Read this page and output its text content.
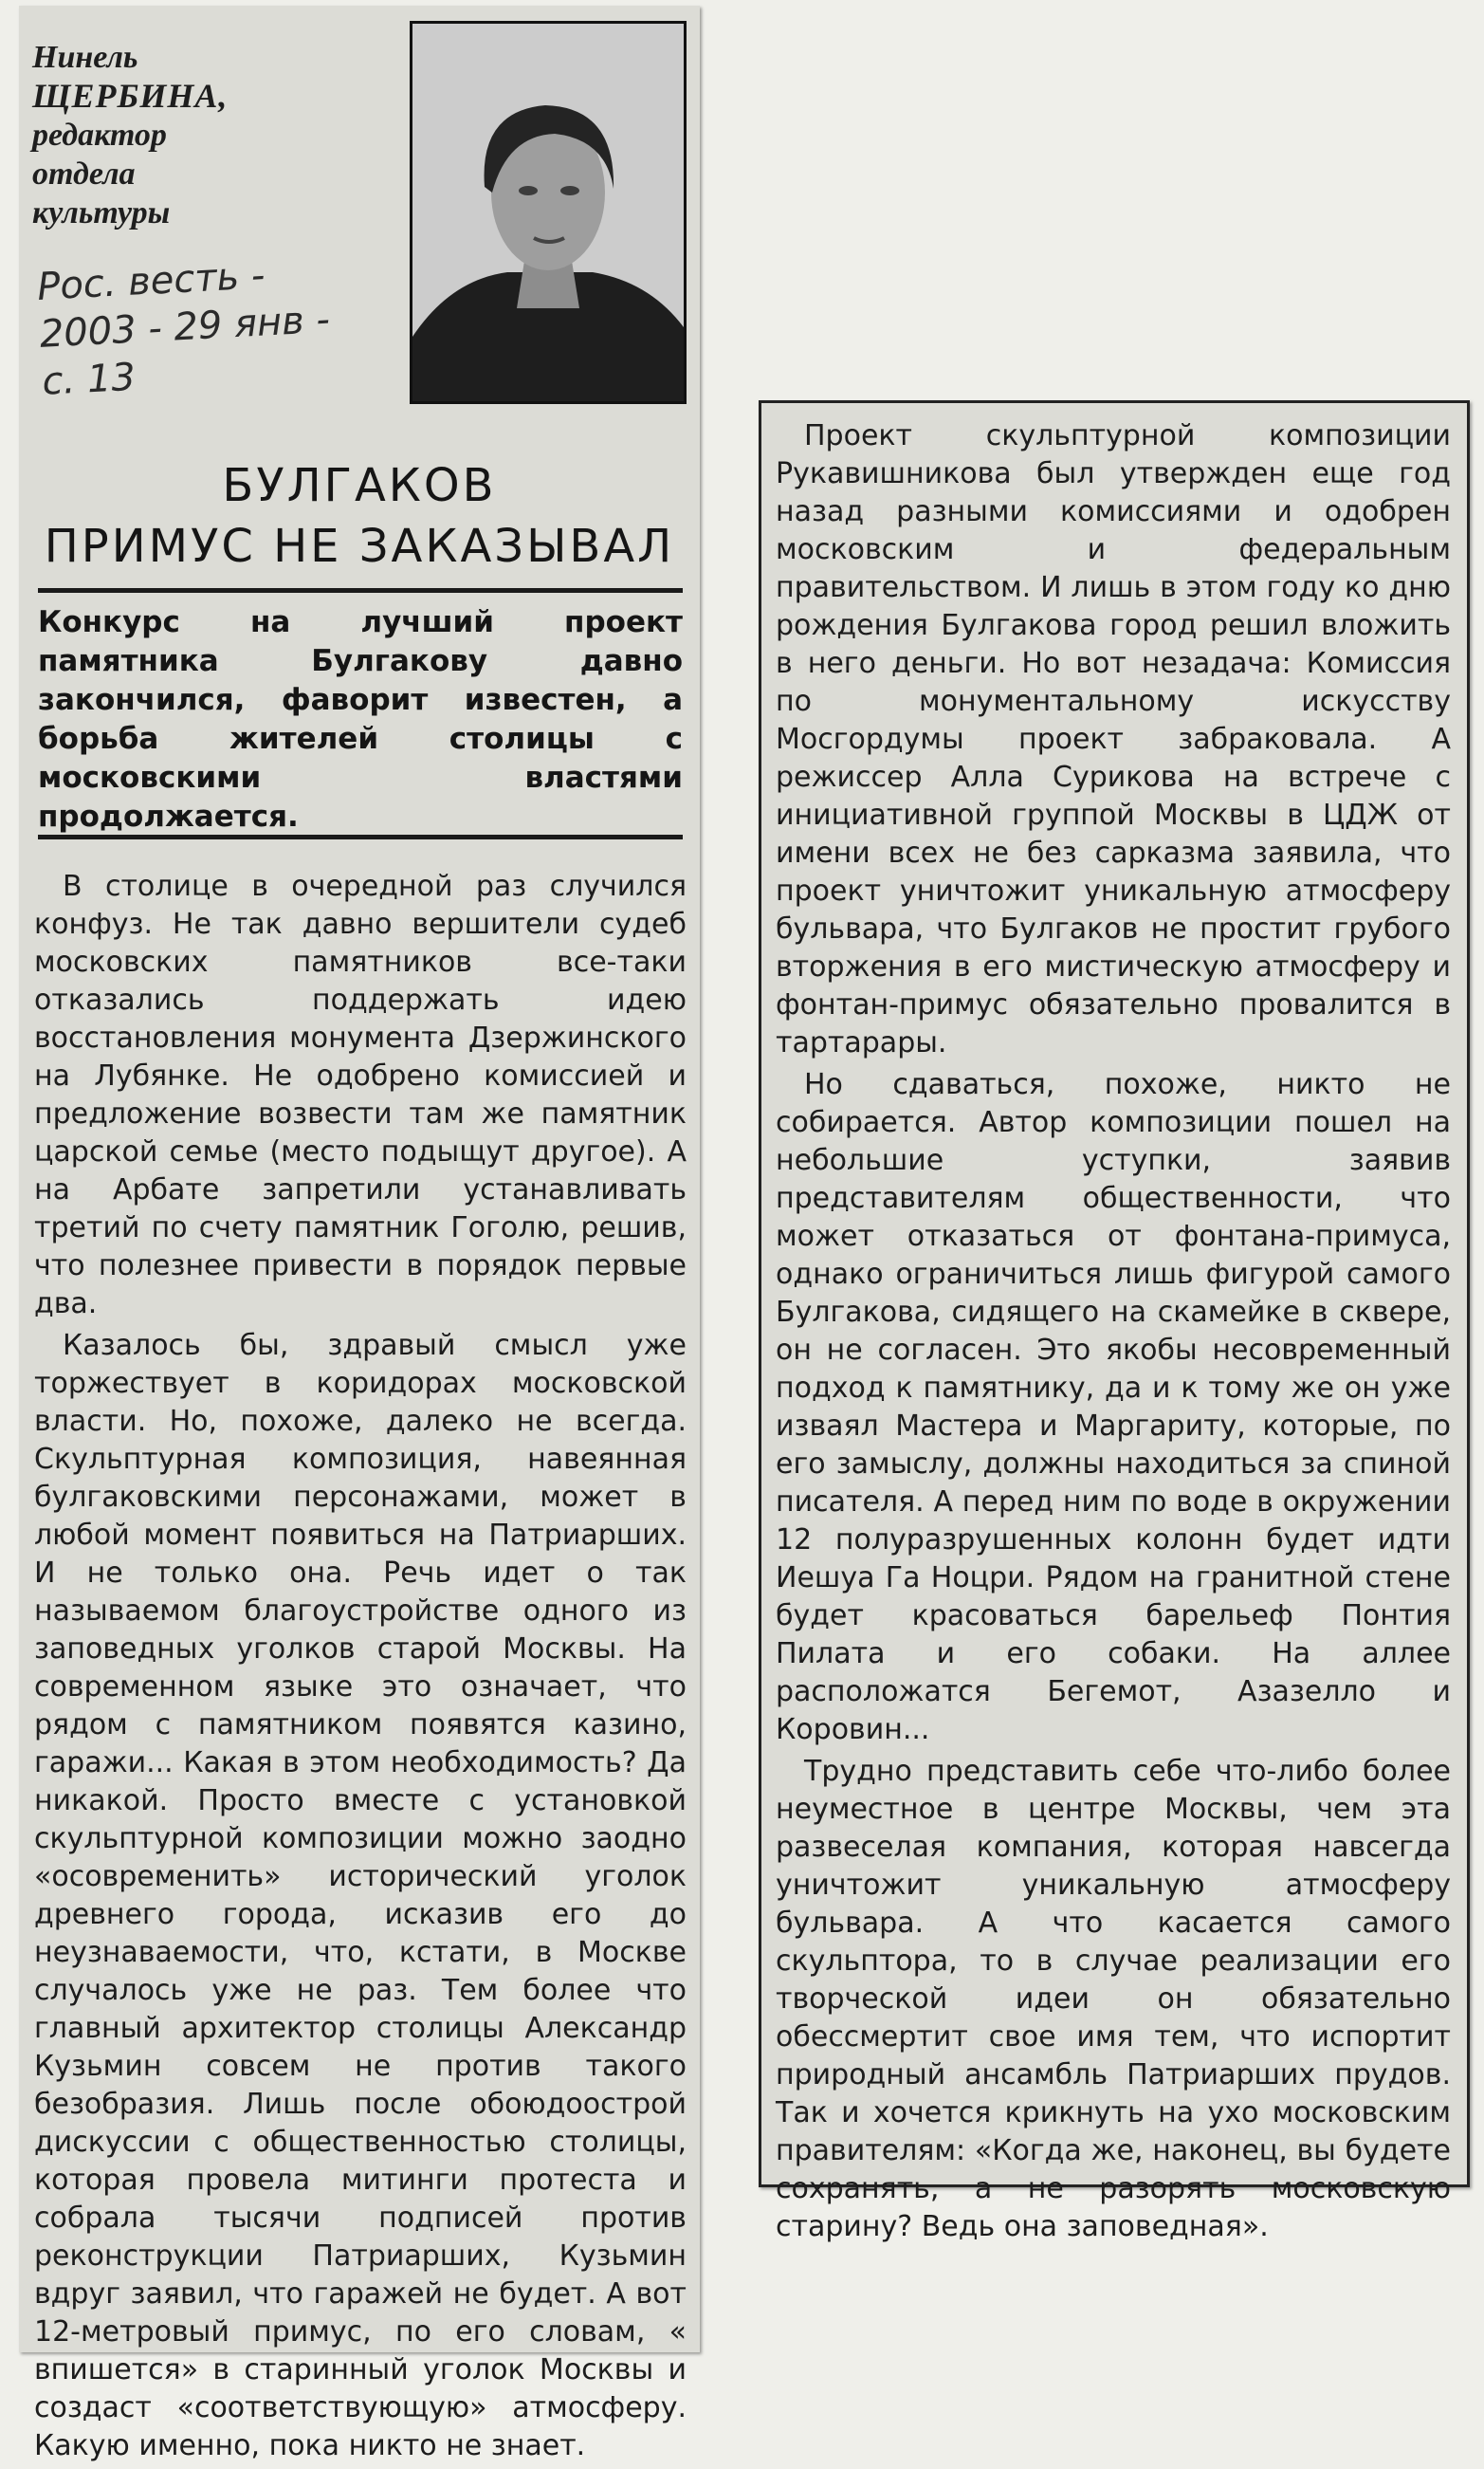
Нинель
ЩЕРБИНА,
редактор
отдела
культуры
Рос. весть -
2003 - 29 янв -
с. 13
БУЛГАКОВ
ПРИМУС НЕ ЗАКАЗЫВАЛ
Конкурс на лучший проект памятника Булгакову давно закончился, фаворит известен, а борьба жителей столицы с московскими властями продолжается.

В столице в очередной раз случился конфуз. Не так давно вершители судеб московских памятников все-таки отказались поддержать идею восстановления монумента Дзержинского на Лубянке. Не одобрено комиссией и предложение возвести там же памятник царской семье (место подыщут другое). А на Арбате запретили устанавливать третий по счету памятник Гоголю, решив, что полезнее привести в порядок первые два.

Казалось бы, здравый смысл уже торжествует в коридорах московской власти. Но, похоже, далеко не всегда. Скульптурная композиция, навеянная булгаковскими персонажами, может в любой момент появиться на Патриарших. И не только она. Речь идет о так называемом благоустройстве одного из заповедных уголков старой Москвы. На современном языке это означает, что рядом с памятником появятся казино, гаражи... Какая в этом необходимость? Да никакой. Просто вместе с установкой скульптурной композиции можно заодно «осовременить» исторический уголок древнего города, исказив его до неузнаваемости, что, кстати, в Москве случалось уже не раз. Тем более что главный архитектор столицы Александр Кузьмин совсем не против такого безобразия. Лишь после обоюдоострой дискуссии с общественностью столицы, которая провела митинги протеста и собрала тысячи подписей против реконструкции Патриарших, Кузьмин вдруг заявил, что гаражей не будет. А вот 12-метровый примус, по его словам, « впишется» в старинный уголок Москвы и создаст «соответствующую» атмосферу. Какую именно, пока никто не знает.

Проект скульптурной композиции Рукавишникова был утвержден еще год назад разными комиссиями и одобрен московским и федеральным правительством. И лишь в этом году ко дню рождения Булгакова город решил вложить в него деньги. Но вот незадача: Комиссия по монументальному искусству Мосгордумы проект забраковала. А режиссер Алла Сурикова на встрече с инициативной группой Москвы в ЦДЖ от имени всех не без сарказма заявила, что проект уничтожит уникальную атмосферу бульвара, что Булгаков не простит грубого вторжения в его мистическую атмосферу и фонтан-примус обязательно провалится в тартарары.

Но сдаваться, похоже, никто не собирается. Автор композиции пошел на небольшие уступки, заявив представителям общественности, что может отказаться от фонтана-примуса, однако ограничиться лишь фигурой самого Булгакова, сидящего на скамейке в сквере, он не согласен. Это якобы несовременный подход к памятнику, да и к тому же он уже изваял Мастера и Маргариту, которые, по его замыслу, должны находиться за спиной писателя. А перед ним по воде в окружении 12 полуразрушенных колонн будет идти Иешуа Га Ноцри. Рядом на гранитной стене будет красоваться барельеф Понтия Пилата и его собаки. На аллее расположатся Бегемот, Азазелло и Коровин...

Трудно представить себе что-либо более неуместное в центре Москвы, чем эта развеселая компания, которая навсегда уничтожит уникальную атмосферу бульвара. А что касается самого скульптора, то в случае реализации его творческой идеи он обязательно обессмертит свое имя тем, что испортит природный ансамбль Патриарших прудов. Так и хочется крикнуть на ухо московским правителям: «Когда же, наконец, вы будете сохранять, а не разорять московскую старину? Ведь она заповедная».
